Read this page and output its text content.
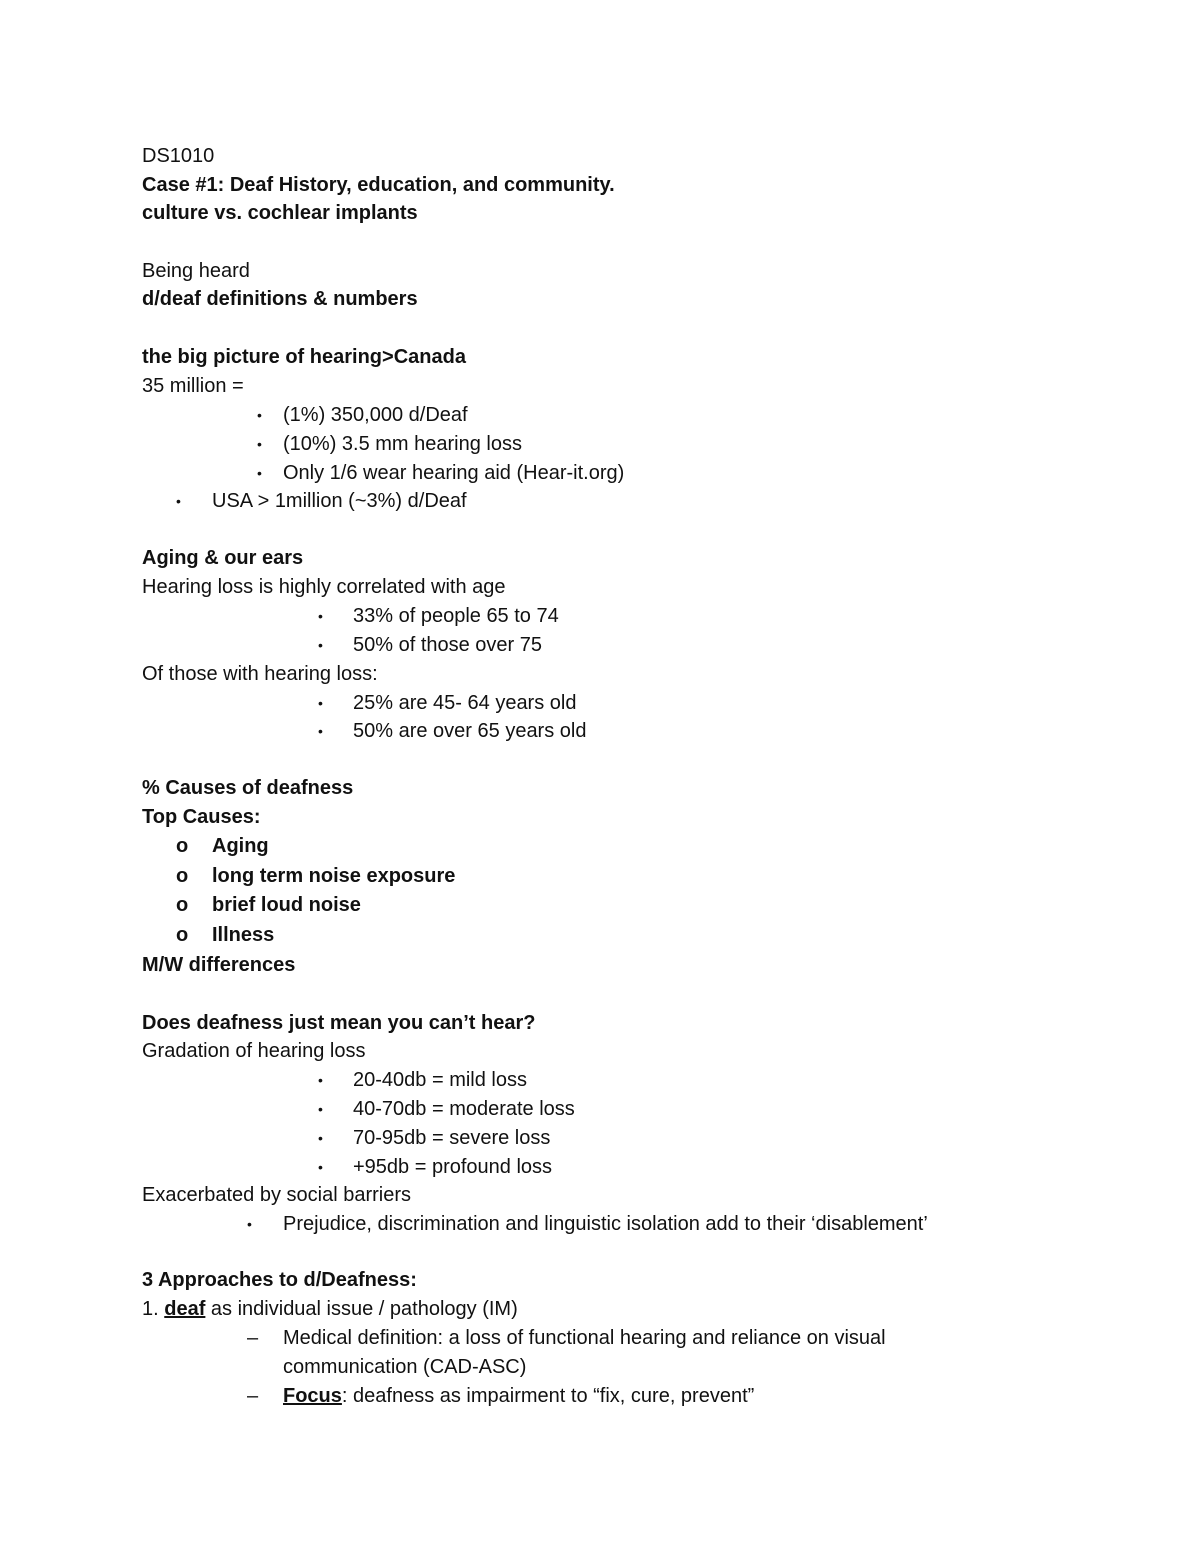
DS1010
Case #1: Deaf History, education, and community.
culture vs. cochlear implants
Being heard
d/deaf definitions & numbers
the big picture of hearing>Canada
35 million =
• (1%) 350,000 d/Deaf
• (10%) 3.5 mm hearing loss
• Only 1/6 wear hearing aid (Hear-it.org)
• USA > 1million (~3%) d/Deaf
Aging & our ears
Hearing loss is highly correlated with age
• 33% of people 65 to 74
• 50% of those over 75
Of those with hearing loss:
• 25% are 45- 64 years old
• 50% are over 65 years old
% Causes of deafness
Top Causes:
o Aging
o long term noise exposure
o brief loud noise
o Illness
M/W differences
Does deafness just mean you can’t hear?
Gradation of hearing loss
• 20-40db = mild loss
• 40-70db = moderate loss
• 70-95db = severe loss
• +95db = profound loss
Exacerbated by social barriers
• Prejudice, discrimination and linguistic isolation add to their ‘disablement’
3 Approaches to d/Deafness:
1. deaf as individual issue / pathology (IM)
– Medical definition: a loss of functional hearing and reliance on visual
communication (CAD-ASC)
– Focus: deafness as impairment to “fix, cure, prevent”
